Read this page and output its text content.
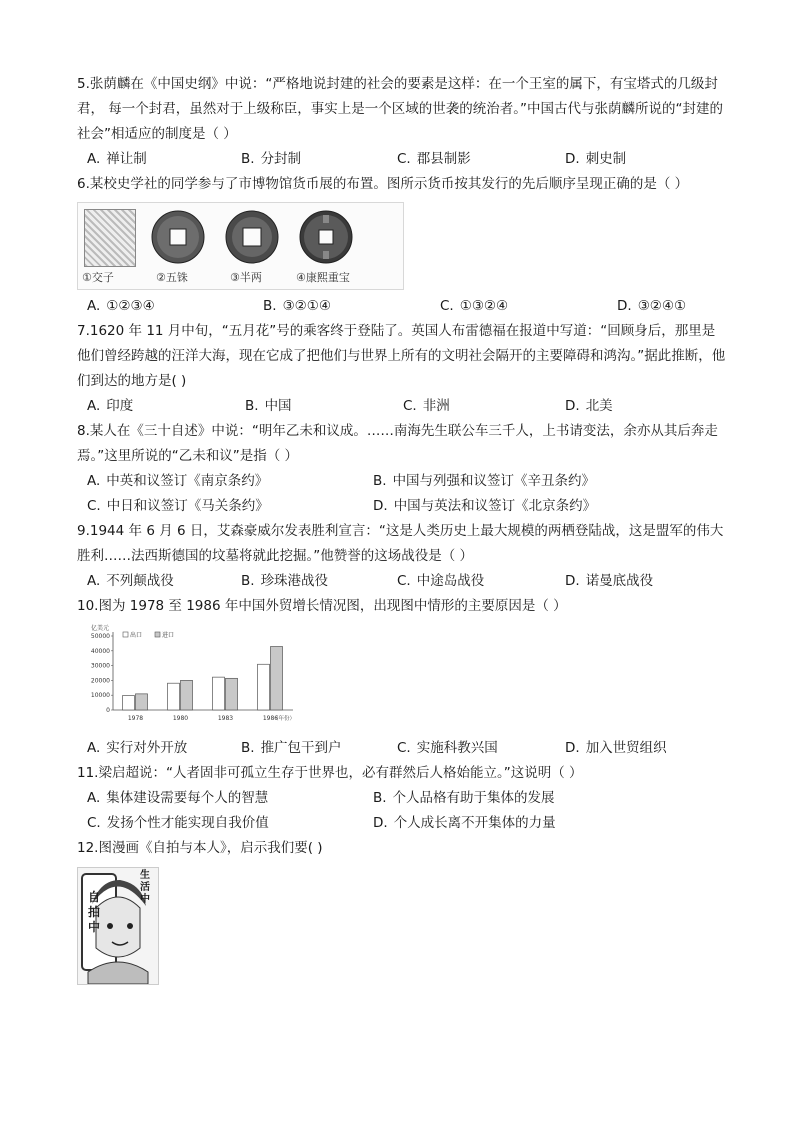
5.张荫麟在《中国史纲》中说：“严格地说封建的社会的要素是这样：在一个王室的属下，有宝塔式的几级封君， 每一个封君，虽然对于上级称臣，事实上是一个区域的世袭的统治者。”中国古代与张荫麟所说的“封建的社会”相适应的制度是（ ）

A. 禅让制	B. 分封制	C. 郡县制影	D. 刺史制

6.某校史学社的同学参与了市博物馆货币展的布置。图所示货币按其发行的先后顺序呈现正确的是（ ）

①交子	②五铢	③半两	④康熙重宝
A. ①②③④	B. ③②①④	C. ①③②④	D. ③②④①

7.1620 年 11 月中旬，“五月花”号的乘客终于登陆了。英国人布雷德福在报道中写道：“回顾身后，那里是他们曾经跨越的汪洋大海，现在它成了把他们与世界上所有的文明社会隔开的主要障碍和鸿沟。”据此推断，他们到达的地方是( )

A. 印度	B. 中国	C. 非洲	D. 北美

8.某人在《三十自述》中说：“明年乙未和议成。……南海先生联公车三千人，上书请变法，余亦从其后奔走焉。”这里所说的“乙未和议”是指（ ）

A. 中英和议签订《南京条约》	B. 中国与列强和议签订《辛丑条约》
C. 中日和议签订《马关条约》	D. 中国与英法和议签订《北京条约》

9.1944 年 6 月 6 日，艾森豪威尔发表胜利宣言：“这是人类历史上最大规模的两栖登陆战，这是盟军的伟大胜利……法西斯德国的坟墓将就此挖掘。”他赞誉的这场战役是（ ）

A. 不列颠战役	B. 珍珠港战役	C. 中途岛战役	D. 诺曼底战役

10.图为 1978 至 1986 年中国外贸增长情况图，出现图中情形的主要原因是（ ）

亿美元
0
10000
20000
30000
40000
50000	出口	进口
1978	1980	1983	1986
（年份）
A. 实行对外开放	B. 推广包干到户	C. 实施科教兴国	D. 加入世贸组织

11.梁启超说：“人者固非可孤立生存于世界也，必有群然后人格始能立。”这说明（ ）

A. 集体建设需要每个人的智慧	B. 个人品格有助于集体的发展
C. 发扬个性才能实现自我价值	D. 个人成长离不开集体的力量

12.图漫画《自拍与本人》，启示我们要( )

自拍中
生活中
